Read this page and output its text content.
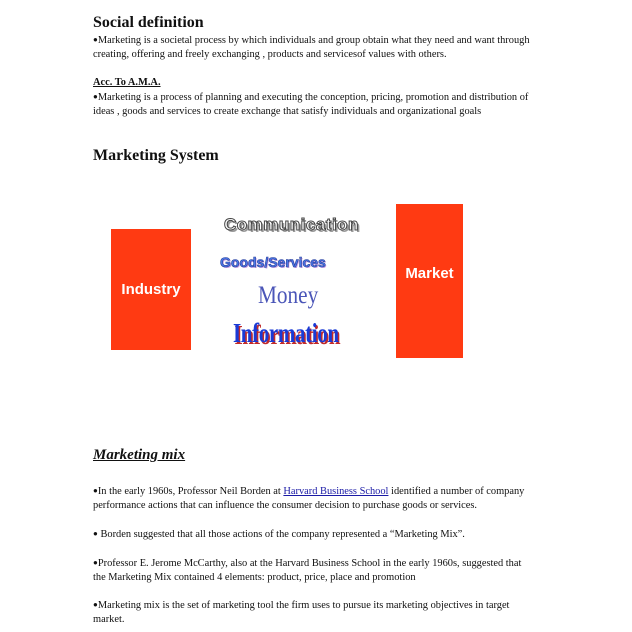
Social definition

●Marketing is a societal process by which individuals and group obtain what they need and want through creating, offering and freely exchanging , products and servicesof values with others.

Acc. To A.M.A.

●Marketing is a process of planning and executing the conception, pricing, promotion and distribution of ideas , goods and services to create exchange that satisfy individuals and organizational goals

Marketing System
Industry
Market
Communication
Goods/Services
Money
Information
Marketing mix

●In the early 1960s, Professor Neil Borden at Harvard Business School identified a number of company performance actions that can influence the consumer decision to purchase goods or services.

● Borden suggested that all those actions of the company represented a “Marketing Mix”.

●Professor E. Jerome McCarthy, also at the Harvard Business School in the early 1960s, suggested that the Marketing Mix contained 4 elements: product, price, place and promotion

●Marketing mix is the set of marketing tool the firm uses to pursue its marketing objectives in target market.
